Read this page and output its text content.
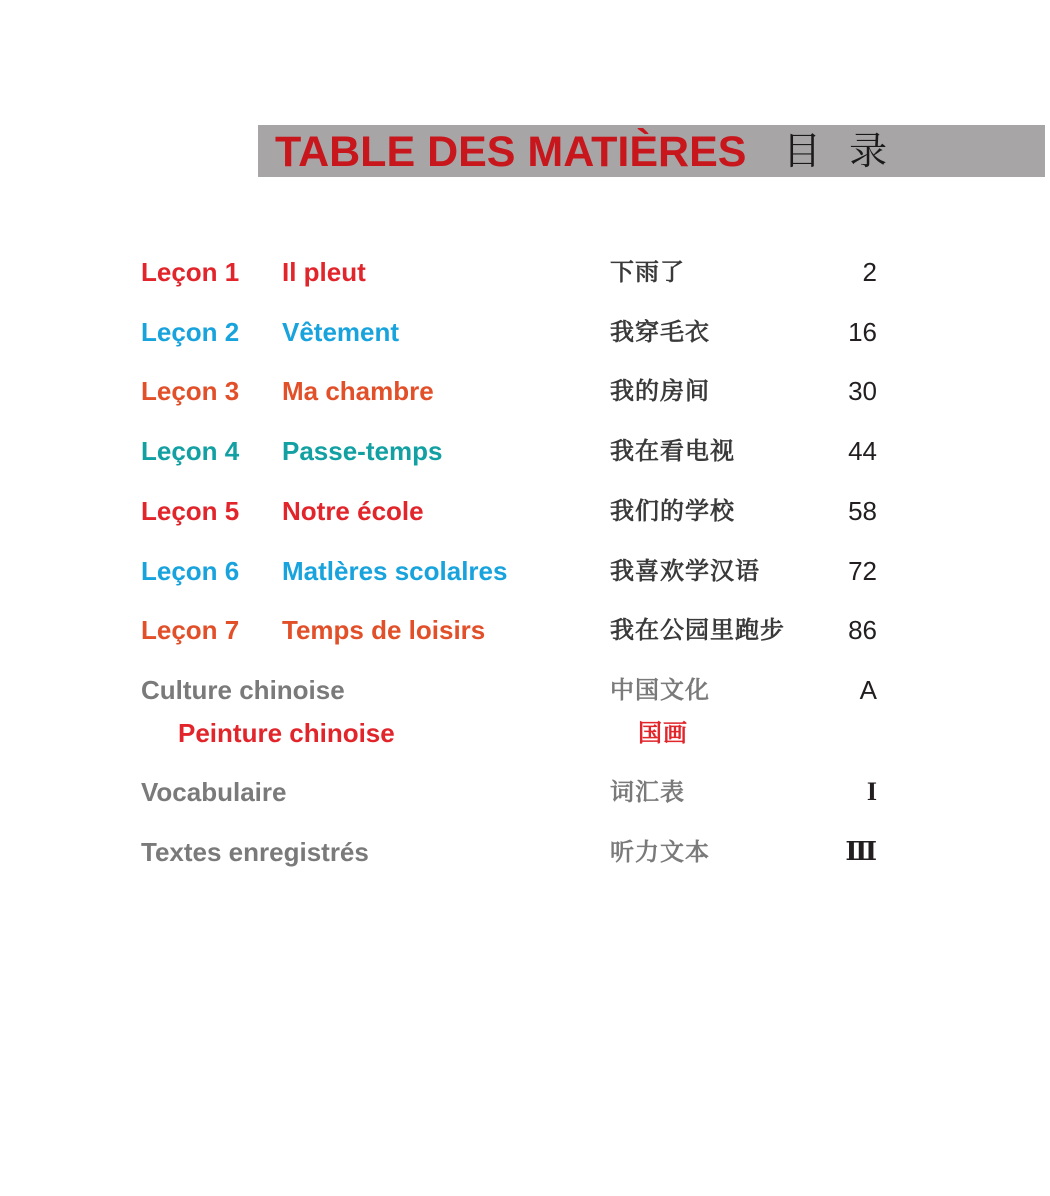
TABLE DES MATIÈRES 目 录
Leçon 1 Il pleut	下雨了	2
Leçon 2 Vêtement	我穿毛衣	16
Leçon 3 Ma chambre	我的房间	30
Leçon 4 Passe-temps	我在看电视	44
Leçon 5 Notre école	我们的学校	58
Leçon 6 Matlères scolalres	我喜欢学汉语	72
Leçon 7 Temps de loisirs	我在公园里跑步 86
Culture chinoise	中国文化	A
Peinture chinoise	国画
Vocabulaire	词汇表	I
Textes enregistrés	听力文本	Ⅲ
